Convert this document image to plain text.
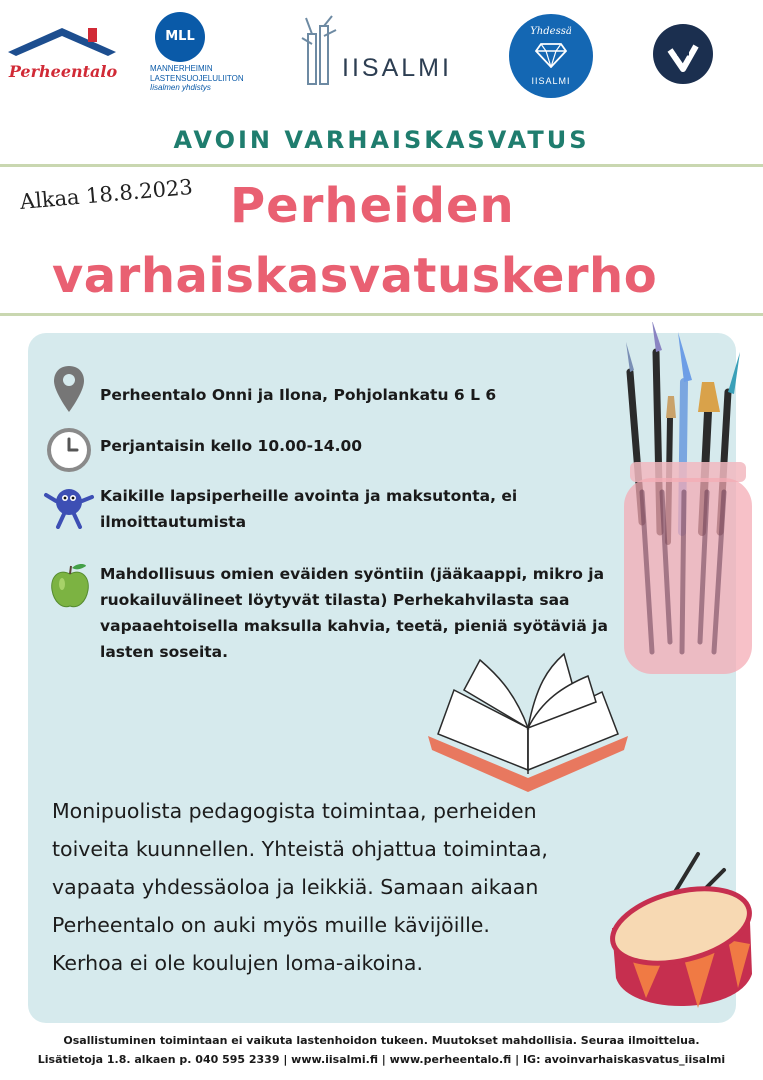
Perheentalo
MLL
MANNERHEIMIN
LASTENSUOJELULIITON
Iisalmen yhdistys
IISALMI
Yhdessä
IISALMI
AVOIN VARHAISKASVATUS
Alkaa 18.8.2023 Perheiden
varhaiskasvatuskerho
Perheentalo Onni ja Ilona, Pohjolankatu 6 L 6
Perjantaisin kello 10.00-14.00
Kaikille lapsiperheille avointa ja maksutonta, ei
ilmoittautumista
Mahdollisuus omien eväiden syöntiin (jääkaappi, mikro ja
ruokailuvälineet löytyvät tilasta) Perhekahvilasta saa
vapaaehtoisella maksulla kahvia, teetä, pieniä syötäviä ja
lasten soseita.
Monipuolista pedagogista toimintaa, perheiden
toiveita kuunnellen. Yhteistä ohjattua toimintaa,
vapaata yhdessäoloa ja leikkiä. Samaan aikaan
Perheentalo on auki myös muille kävijöille.
Kerhoa ei ole koulujen loma-aikoina.
Osallistuminen toimintaan ei vaikuta lastenhoidon tukeen. Muutokset mahdollisia. Seuraa ilmoittelua.
Lisätietoja 1.8. alkaen p. 040 595 2339 | www.iisalmi.fi | www.perheentalo.fi | IG: avoinvarhaiskasvatus_iisalmi
